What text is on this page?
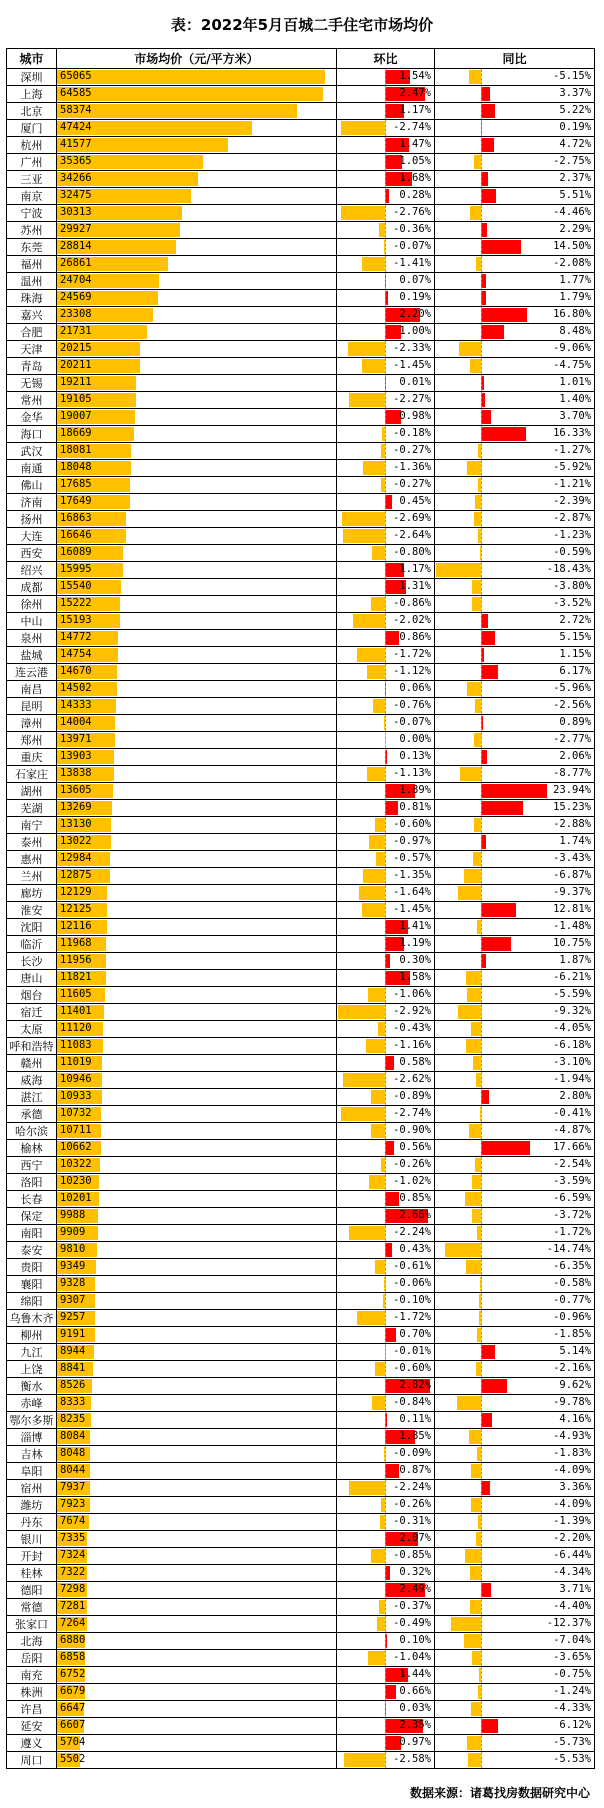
表：2022年5月百城二手住宅市场均价
城市	市场均价（元/平方米）	环比	同比
深圳	65065	1.54%	-5.15%

上海	64585	2.47%	3.37%

北京	58374	1.17%	5.22%

厦门	47424	-2.74%	0.19%

杭州	41577	1.47%	4.72%

广州	35365	1.05%	-2.75%

三亚	34266	1.68%	2.37%

南京	32475	0.28%	5.51%

宁波	30313	-2.76%	-4.46%

苏州	29927	-0.36%	2.29%

东莞	28814	-0.07%	14.50%

福州	26861	-1.41%	-2.08%

温州	24704	0.07%	1.77%

珠海	24569	0.19%	1.79%

嘉兴	23308	2.20%	16.80%

合肥	21731	1.00%	8.48%

天津	20215	-2.33%	-9.06%

青岛	20211	-1.45%	-4.75%

无锡	19211	0.01%	1.01%

常州	19105	-2.27%	1.40%

金华	19007	0.98%	3.70%

海口	18669	-0.18%	16.33%

武汉	18081	-0.27%	-1.27%

南通	18048	-1.36%	-5.92%

佛山	17685	-0.27%	-1.21%

济南	17649	0.45%	-2.39%

扬州	16863	-2.69%	-2.87%

大连	16646	-2.64%	-1.23%

西安	16089	-0.80%	-0.59%

绍兴	15995	1.17%	-18.43%

成都	15540	1.31%	-3.80%

徐州	15222	-0.86%	-3.52%

中山	15193	-2.02%	2.72%

泉州	14772	0.86%	5.15%

盐城	14754	-1.72%	1.15%

连云港	14670	-1.12%	6.17%

南昌	14502	0.06%	-5.96%

昆明	14333	-0.76%	-2.56%

漳州	14004	-0.07%	0.89%

郑州	13971	0.00%	-2.77%

重庆	13903	0.13%	2.06%

石家庄	13838	-1.13%	-8.77%

湖州	13605	1.89%	23.94%

芜湖	13269	0.81%	15.23%

南宁	13130	-0.60%	-2.88%

泰州	13022	-0.97%	1.74%

惠州	12984	-0.57%	-3.43%

兰州	12875	-1.35%	-6.87%

廊坊	12129	-1.64%	-9.37%

淮安	12125	-1.45%	12.81%

沈阳	12116	1.41%	-1.48%

临沂	11968	1.19%	10.75%

长沙	11956	0.30%	1.87%

唐山	11821	1.58%	-6.21%

烟台	11605	-1.06%	-5.59%

宿迁	11401	-2.92%	-9.32%

太原	11120	-0.43%	-4.05%

呼和浩特	11083	-1.16%	-6.18%

赣州	11019	0.58%	-3.10%

威海	10946	-2.62%	-1.94%

湛江	10933	-0.89%	2.80%

承德	10732	-2.74%	-0.41%

哈尔滨	10711	-0.90%	-4.87%

榆林	10662	0.56%	17.66%

西宁	10322	-0.26%	-2.54%

洛阳	10230	-1.02%	-3.59%

长春	10201	0.85%	-6.59%

保定	9988	2.66%	-3.72%

南阳	9909	-2.24%	-1.72%

泰安	9810	0.43%	-14.74%

贵阳	9349	-0.61%	-6.35%

襄阳	9328	-0.06%	-0.58%

绵阳	9307	-0.10%	-0.77%

乌鲁木齐	9257	-1.72%	-0.96%

柳州	9191	0.70%	-1.85%

九江	8944	-0.01%	5.14%

上饶	8841	-0.60%	-2.16%

衡水	8526	2.82%	9.62%

赤峰	8333	-0.84%	-9.78%

鄂尔多斯	8235	0.11%	4.16%

淄博	8084	1.85%	-4.93%

吉林	8048	-0.09%	-1.83%

阜阳	8044	0.87%	-4.09%

宿州	7937	-2.24%	3.36%

潍坊	7923	-0.26%	-4.09%

丹东	7674	-0.31%	-1.39%

银川	7335	2.07%	-2.20%

开封	7324	-0.85%	-6.44%

桂林	7322	0.32%	-4.34%

德阳	7298	2.49%	3.71%

常德	7281	-0.37%	-4.40%

张家口	7264	-0.49%	-12.37%

北海	6880	0.10%	-7.04%

岳阳	6858	-1.04%	-3.65%

南充	6752	1.44%	-0.75%

株洲	6679	0.66%	-1.24%

许昌	6647	0.03%	-4.33%

延安	6607	2.35%	6.12%

遵义	5704	0.97%	-5.73%

周口	5502	-2.58%	-5.53%
数据来源：诸葛找房数据研究中心
